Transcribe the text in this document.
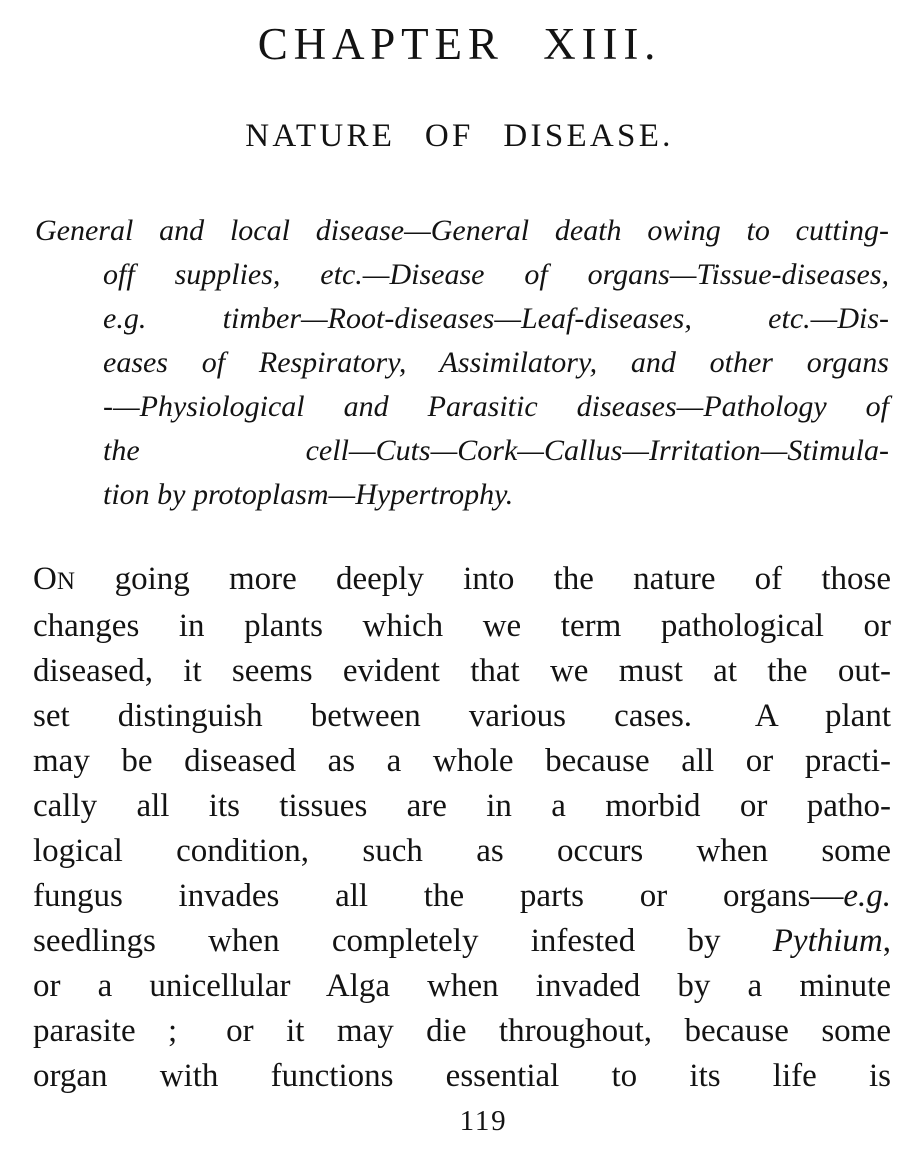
CHAPTER XIII.
NATURE OF DISEASE.
General and local disease—General death owing to cutting-
off supplies, etc.—Disease of organs—Tissue-diseases,
e.g. timber—Root-diseases—Leaf-diseases, etc.—Dis-
eases of Respiratory, Assimilatory, and other organs
-—Physiological and Parasitic diseases—Pathology of
the cell—Cuts—Cork—Callus—Irritation—Stimula-
tion by protoplasm—Hypertrophy.
ON going more deeply into the nature of those
changes in plants which we term pathological or
diseased, it seems evident that we must at the out-
set distinguish between various cases.  A plant
may be diseased as a whole because all or practi-
cally all its tissues are in a morbid or patho-
logical condition, such as occurs when some
fungus invades all the parts or organs—e.g.
seedlings when completely infested by Pythium,
or a unicellular Alga when invaded by a minute
parasite ;  or it may die throughout, because some
organ with functions essential to its life is
119
